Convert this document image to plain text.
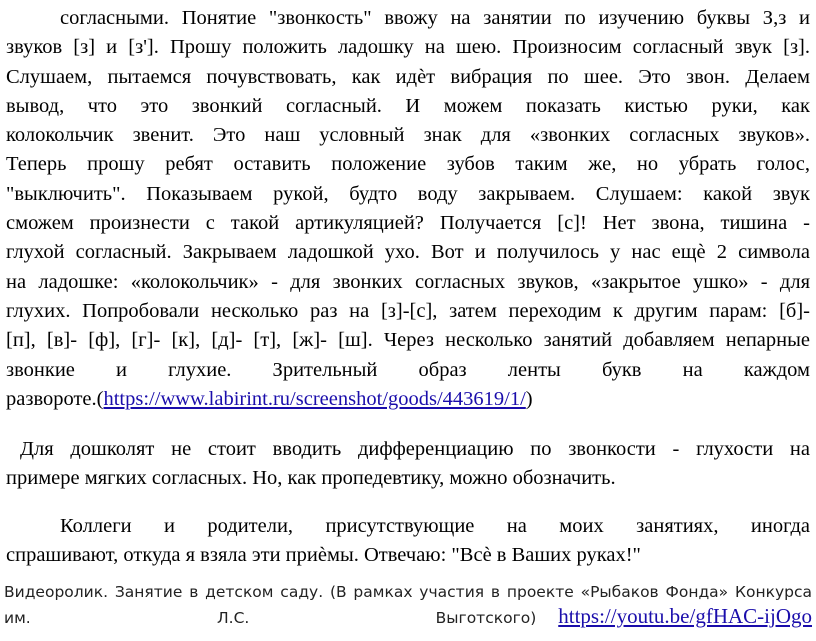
согласными. Понятие "звонкость" ввожу на занятии по изучению буквы З,з и
звуков [з] и [з']. Прошу положить ладошку на шею. Произносим согласный звук [з].
Слушаем, пытаемся почувствовать, как идѐт вибрация по шее. Это звон. Делаем
вывод, что это звонкий согласный. И можем показать кистью руки, как
колокольчик звенит. Это наш условный знак для «звонких согласных звуков».
Теперь прошу ребят оставить положение зубов таким же, но убрать голос,
"выключить". Показываем рукой, будто воду закрываем. Слушаем: какой звук
сможем произнести с такой артикуляцией? Получается [с]! Нет звона, тишина -
глухой согласный. Закрываем ладошкой ухо. Вот и получилось у нас ещѐ 2 символа
на ладошке: «колокольчик» - для звонких согласных звуков, «закрытое ушко» - для
глухих. Попробовали несколько раз на [з]-[с], затем переходим к другим парам: [б]-
[п], [в]- [ф], [г]- [к], [д]- [т], [ж]- [ш]. Через несколько занятий добавляем непарные
звонкие и глухие. Зрительный образ ленты букв на каждом
развороте.(https://www.labirint.ru/screenshot/goods/443619/1/)
Для дошколят не стоит вводить дифференциацию по звонкости - глухости на
примере мягких согласных. Но, как пропедевтику, можно обозначить.
Коллеги и родители, присутствующие на моих занятиях, иногда
спрашивают, откуда я взяла эти приѐмы. Отвечаю: "Всѐ в Ваших руках!"
Видеоролик. Занятие в детском саду. (В рамках участия в проекте «Рыбаков Фонда» Конкурса
им. Л.С. Выготского) https://youtu.be/gfHAC-ijOgo
